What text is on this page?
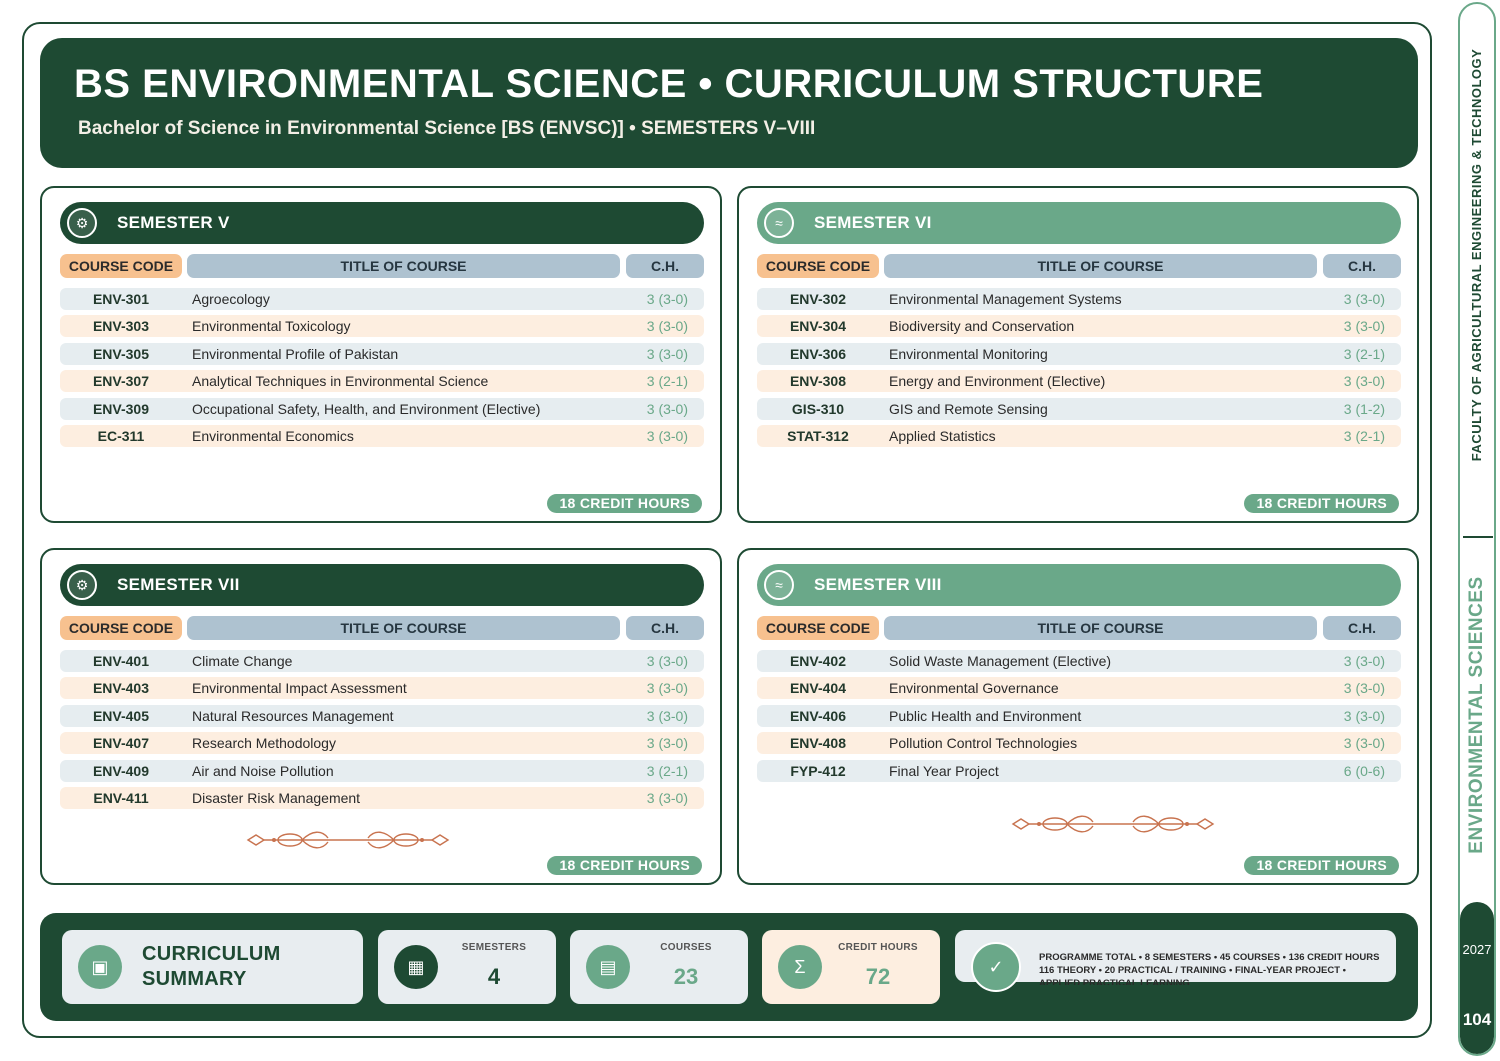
BS ENVIRONMENTAL SCIENCE • CURRICULUM STRUCTURE
Bachelor of Science in Environmental Science [BS (ENVSC)] • SEMESTERS V–VIII
⚙	SEMESTER V
COURSE CODE	TITLE OF COURSE	C.H.
ENV-301	Agroecology	3 (3-0)
ENV-303	Environmental Toxicology	3 (3-0)
ENV-305	Environmental Profile of Pakistan	3 (3-0)
ENV-307	Analytical Techniques in Environmental Science	3 (2-1)
ENV-309	Occupational Safety, Health, and Environment (Elective)	3 (3-0)
EC-311	Environmental Economics	3 (3-0)
18 CREDIT HOURS
≈	SEMESTER VI
COURSE CODE	TITLE OF COURSE	C.H.
ENV-302	Environmental Management Systems	3 (3-0)
ENV-304	Biodiversity and Conservation	3 (3-0)
ENV-306	Environmental Monitoring	3 (2-1)
ENV-308	Energy and Environment (Elective)	3 (3-0)
GIS-310	GIS and Remote Sensing	3 (1-2)
STAT-312	Applied Statistics	3 (2-1)
18 CREDIT HOURS
⚙	SEMESTER VII
COURSE CODE	TITLE OF COURSE	C.H.
ENV-401	Climate Change	3 (3-0)
ENV-403	Environmental Impact Assessment	3 (3-0)
ENV-405	Natural Resources Management	3 (3-0)
ENV-407	Research Methodology	3 (3-0)
ENV-409	Air and Noise Pollution	3 (2-1)
ENV-411	Disaster Risk Management	3 (3-0)
18 CREDIT HOURS
≈	SEMESTER VIII
COURSE CODE	TITLE OF COURSE	C.H.
ENV-402	Solid Waste Management (Elective)	3 (3-0)
ENV-404	Environmental Governance	3 (3-0)
ENV-406	Public Health and Environment	3 (3-0)
ENV-408	Pollution Control Technologies	3 (3-0)
FYP-412	Final Year Project	6 (0-6)
18 CREDIT HOURS
▣
CURRICULUM
SUMMARY
▦
SEMESTERS
4	▤
COURSES
23	Σ
CREDIT HOURS
72	✓	PROGRAMME TOTAL • 8 SEMESTERS • 45 COURSES • 136 CREDIT HOURS
116 THEORY • 20 PRACTICAL / TRAINING • FINAL-YEAR PROJECT •
APPLIED PRACTICAL LEARNING
FACULTY OF AGRICULTURAL ENGINEERING & TECHNOLOGY
ENVIRONMENTAL SCIENCES
2027
104
